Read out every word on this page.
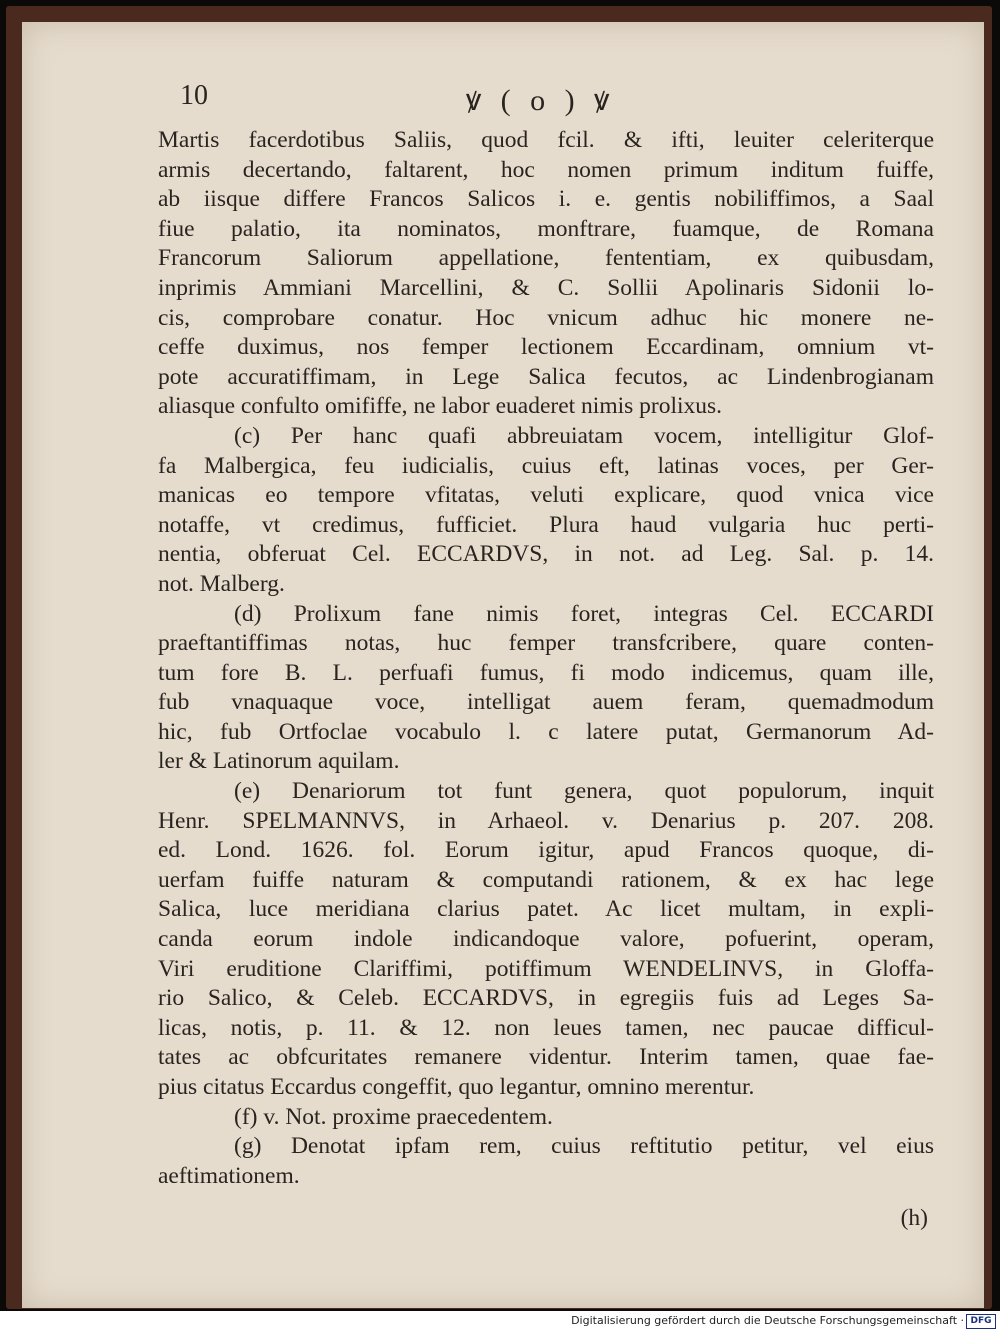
10	ꝟ ( o ) ꝟ
Martis facerdotibus Saliis, quod fcil. & ifti, leuiter celeriterque
armis decertando, faltarent, hoc nomen primum inditum fuiffe,
ab iisque differe Francos Salicos i. e. gentis nobiliffimos, a Saal
fiue palatio, ita nominatos, monftrare, fuamque, de Romana
Francorum Saliorum appellatione, fententiam, ex quibusdam,
inprimis Ammiani Marcellini, & C. Sollii Apolinaris Sidonii lo-
cis, comprobare conatur. Hoc vnicum adhuc hic monere ne-
ceffe duximus, nos femper lectionem Eccardinam, omnium vt-
pote accuratiffimam, in Lege Salica fecutos, ac Lindenbrogianam
aliasque confulto omififfe, ne labor euaderet nimis prolixus.
(c) Per hanc quafi abbreuiatam vocem, intelligitur Glof-
fa Malbergica, feu iudicialis, cuius eft, latinas voces, per Ger-
manicas eo tempore vfitatas, veluti explicare, quod vnica vice
notaffe, vt credimus, fufficiet. Plura haud vulgaria huc perti-
nentia, obferuat Cel. ECCARDVS, in not. ad Leg. Sal. p. 14.
not. Malberg.
(d) Prolixum fane nimis foret, integras Cel. ECCARDI
praeftantiffimas notas, huc femper transfcribere, quare conten-
tum fore B. L. perfuafi fumus, fi modo indicemus, quam ille,
fub vnaquaque voce, intelligat auem feram, quemadmodum
hic, fub Ortfoclae vocabulo l. c latere putat, Germanorum Ad-
ler & Latinorum aquilam.
(e) Denariorum tot funt genera, quot populorum, inquit
Henr. SPELMANNVS, in Arhaeol. v. Denarius p. 207. 208.
ed. Lond. 1626. fol. Eorum igitur, apud Francos quoque, di-
uerfam fuiffe naturam & computandi rationem, & ex hac lege
Salica, luce meridiana clarius patet. Ac licet multam, in expli-
canda eorum indole indicandoque valore, pofuerint, operam,
Viri eruditione Clariffimi, potiffimum WENDELINVS, in Gloffa-
rio Salico, & Celeb. ECCARDVS, in egregiis fuis ad Leges Sa-
licas, notis, p. 11. & 12. non leues tamen, nec paucae difficul-
tates ac obfcuritates remanere videntur. Interim tamen, quae fae-
pius citatus Eccardus congeffit, quo legantur, omnino merentur.
(f) v. Not. proxime praecedentem.
(g) Denotat ipfam rem, cuius reftitutio petitur, vel eius
aeftimationem.
(h)
Digitalisierung gefördert durch die Deutsche Forschungsgemeinschaft · DFG
